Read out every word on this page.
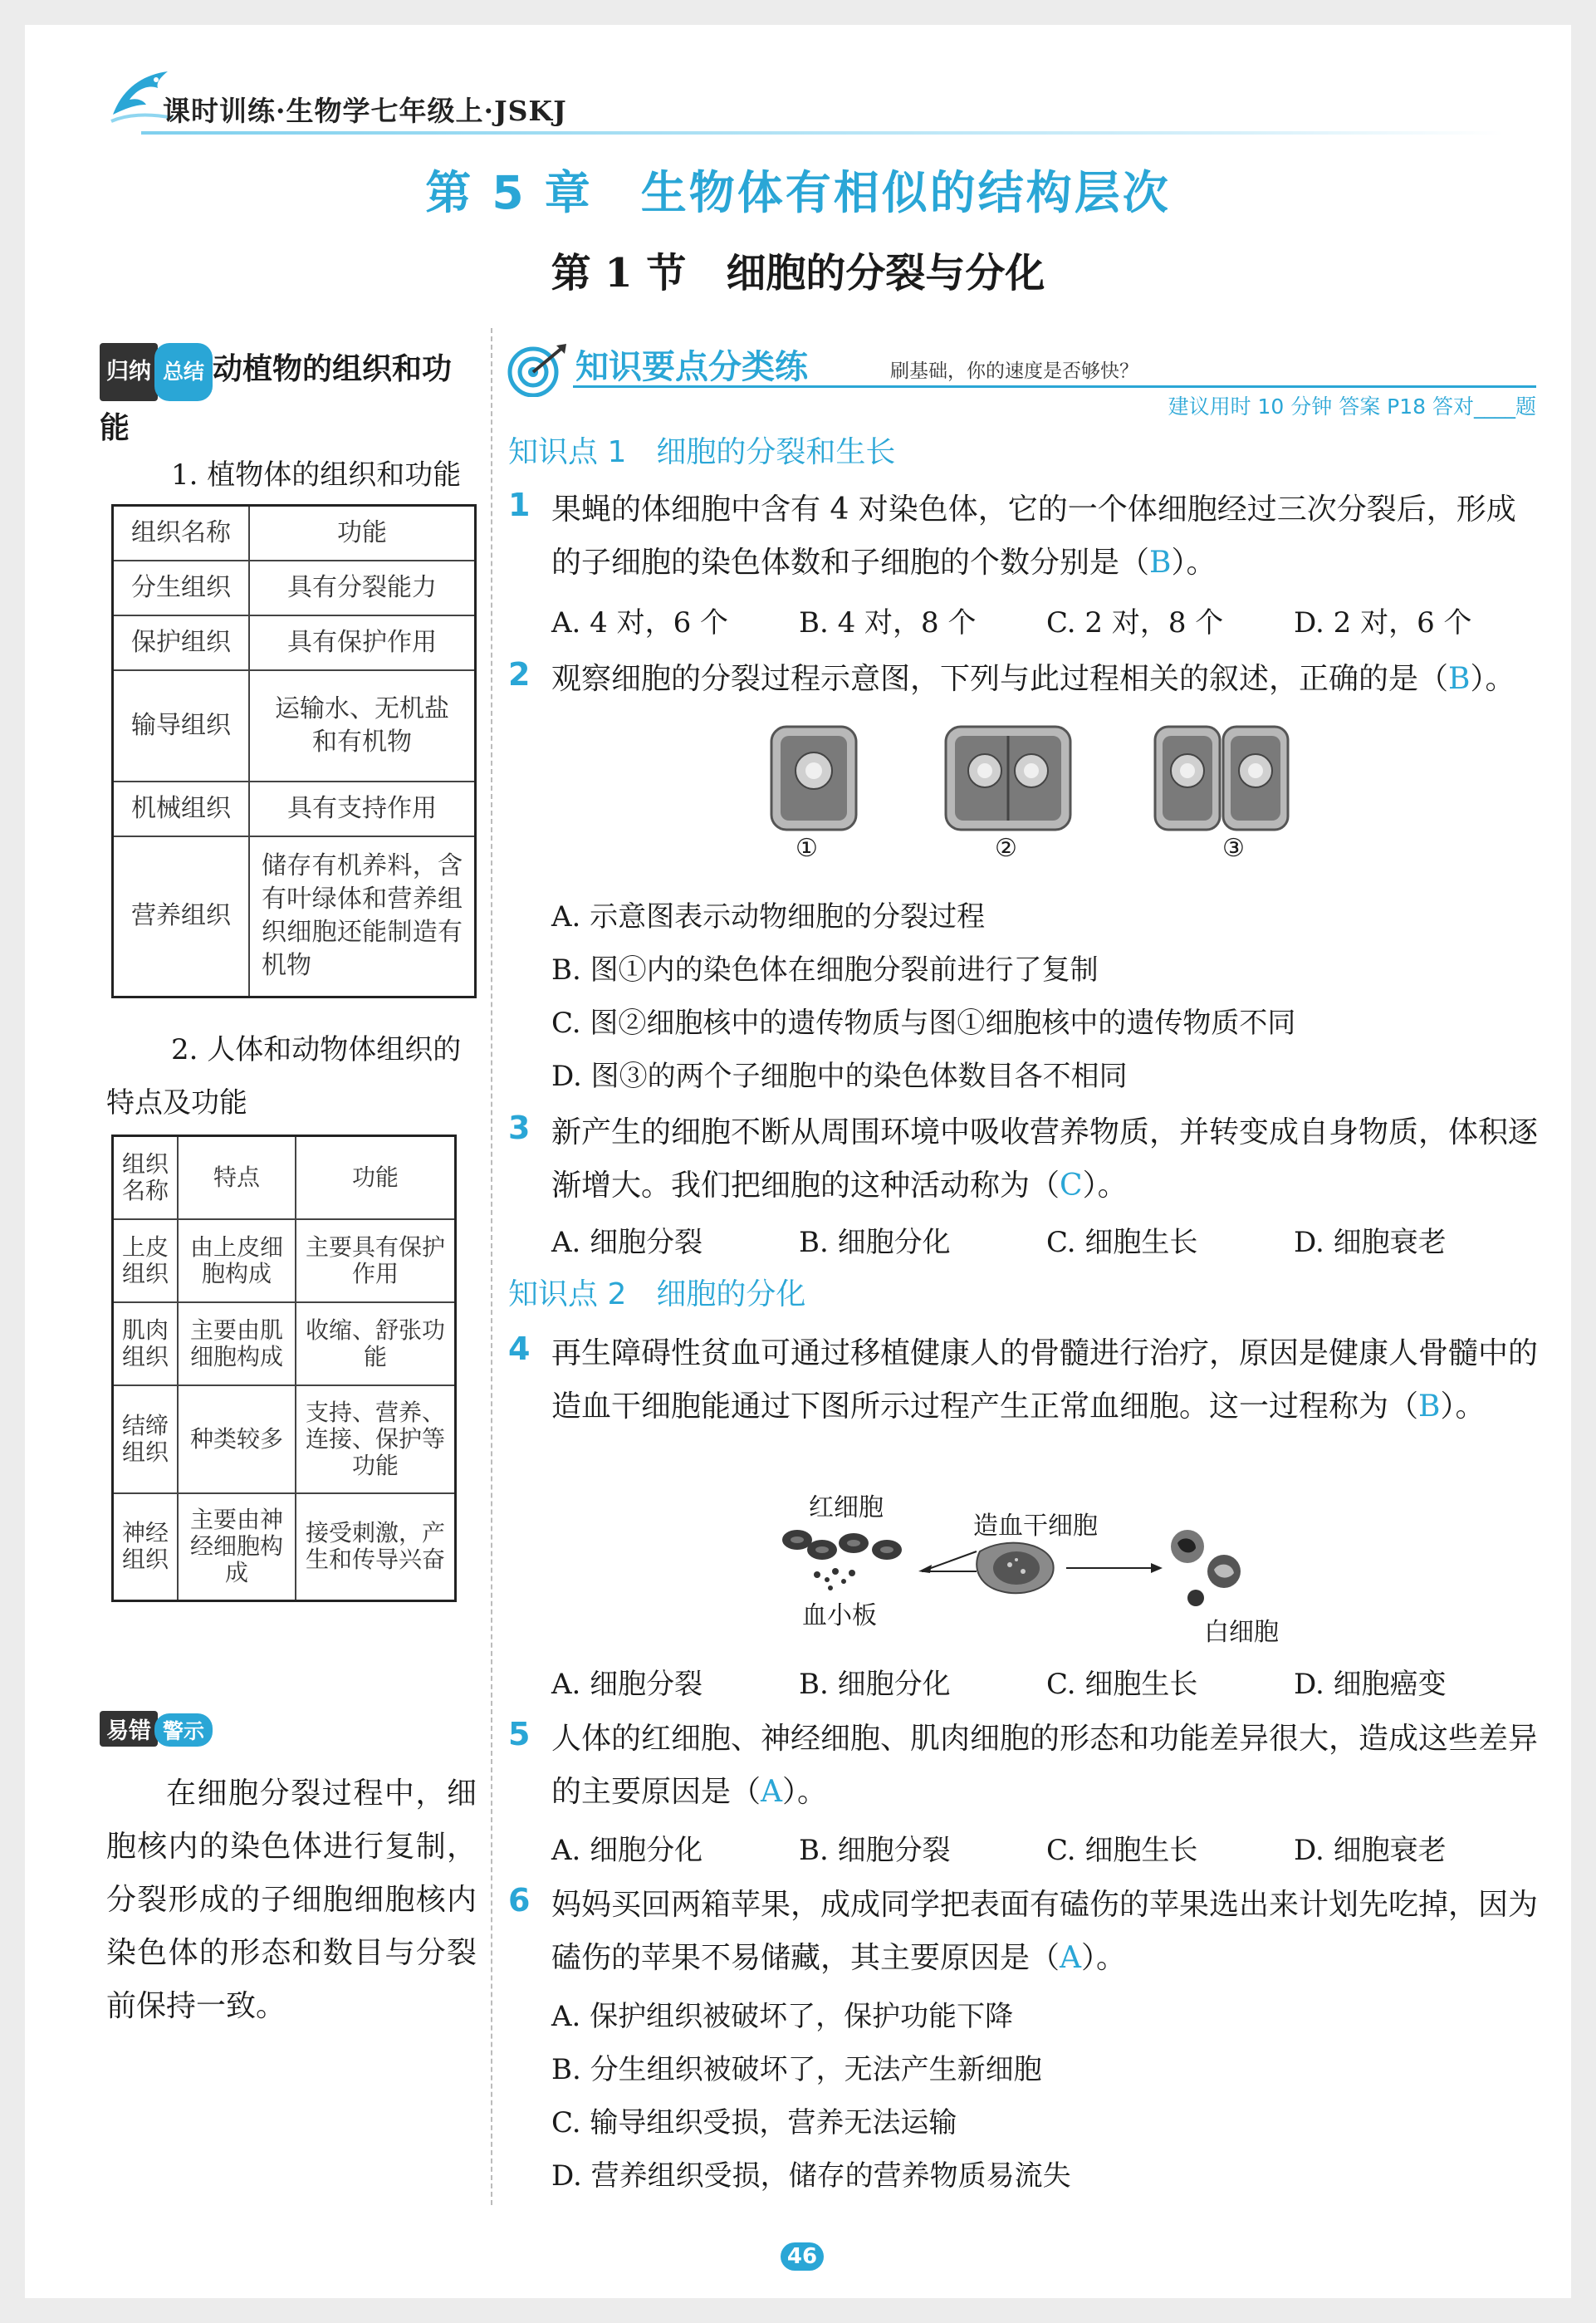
课时训练·生物学七年级上·JSKJ
第 5 章　生物体有相似的结构层次
第 1 节　细胞的分裂与分化
归纳 总结 动植物的组织和功能
1. 植物体的组织和功能
组织名称	功能
分生组织	具有分裂能力
保护组织	具有保护作用
输导组织	运输水、无机盐和有机物
机械组织	具有支持作用
营养组织	储存有机养料，含有叶绿体和营养组织细胞还能制造有机物
2. 人体和动物体组织的特点及功能
组织名称	特点	功能
上皮组织	由上皮细胞构成	主要具有保护作用
肌肉组织	主要由肌细胞构成	收缩、舒张功能
结缔组织	种类较多	支持、营养、连接、保护等功能
神经组织	主要由神经细胞构成	接受刺激，产生和传导兴奋
易错 警示
在细胞分裂过程中，细胞核内的染色体进行复制，分裂形成的子细胞细胞核内染色体的形态和数目与分裂前保持一致。
知识要点分类练	刷基础，你的速度是否够快？
建议用时 10 分钟 答案 P18 答对____题
知识点 1　细胞的分裂和生长
1 果蝇的体细胞中含有 4 对染色体，它的一个体细胞经过三次分裂后，形成的子细胞的染色体数和子细胞的个数分别是（B）。
A. 4 对，6 个	B. 4 对，8 个	C. 2 对，8 个	D. 2 对，6 个
2 观察细胞的分裂过程示意图，下列与此过程相关的叙述，正确的是（B）。
①	②	③
A. 示意图表示动物细胞的分裂过程
B. 图①内的染色体在细胞分裂前进行了复制
C. 图②细胞核中的遗传物质与图①细胞核中的遗传物质不同
D. 图③的两个子细胞中的染色体数目各不相同
3 新产生的细胞不断从周围环境中吸收营养物质，并转变成自身物质，体积逐渐增大。我们把细胞的这种活动称为（C）。
A. 细胞分裂	B. 细胞分化	C. 细胞生长	D. 细胞衰老
知识点 2　细胞的分化
4 再生障碍性贫血可通过移植健康人的骨髓进行治疗，原因是健康人骨髓中的造血干细胞能通过下图所示过程产生正常血细胞。这一过程称为（B）。
红细胞
造血干细胞
血小板
白细胞
A. 细胞分裂	B. 细胞分化	C. 细胞生长	D. 细胞癌变
5 人体的红细胞、神经细胞、肌肉细胞的形态和功能差异很大，造成这些差异的主要原因是（A）。
A. 细胞分化	B. 细胞分裂	C. 细胞生长	D. 细胞衰老
6 妈妈买回两箱苹果，成成同学把表面有磕伤的苹果选出来计划先吃掉，因为磕伤的苹果不易储藏，其主要原因是（A）。
A. 保护组织被破坏了，保护功能下降
B. 分生组织被破坏了，无法产生新细胞
C. 输导组织受损，营养无法运输
D. 营养组织受损，储存的营养物质易流失
46
